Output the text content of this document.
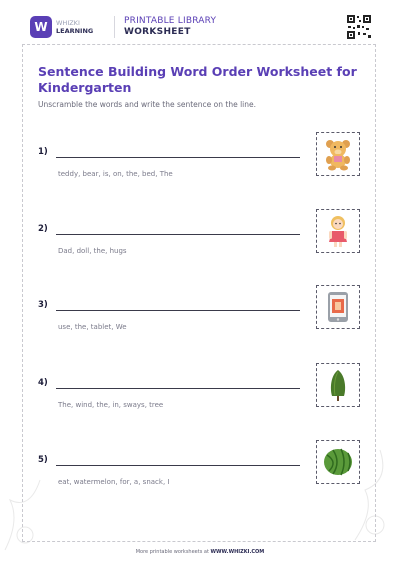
W	WHIZKI
LEARNING
PRINTABLE LIBRARY
WORKSHEET
Sentence Building Word Order Worksheet for Kindergarten
Unscramble the words and write the sentence on the line.
1)
teddy, bear, is, on, the, bed, The
2)
Dad, doll, the, hugs
3)
use, the, tablet, We
4)
The, wind, the, in, sways, tree
5)
eat, watermelon, for, a, snack, I
More printable worksheets at WWW.WHIZKI.COM
